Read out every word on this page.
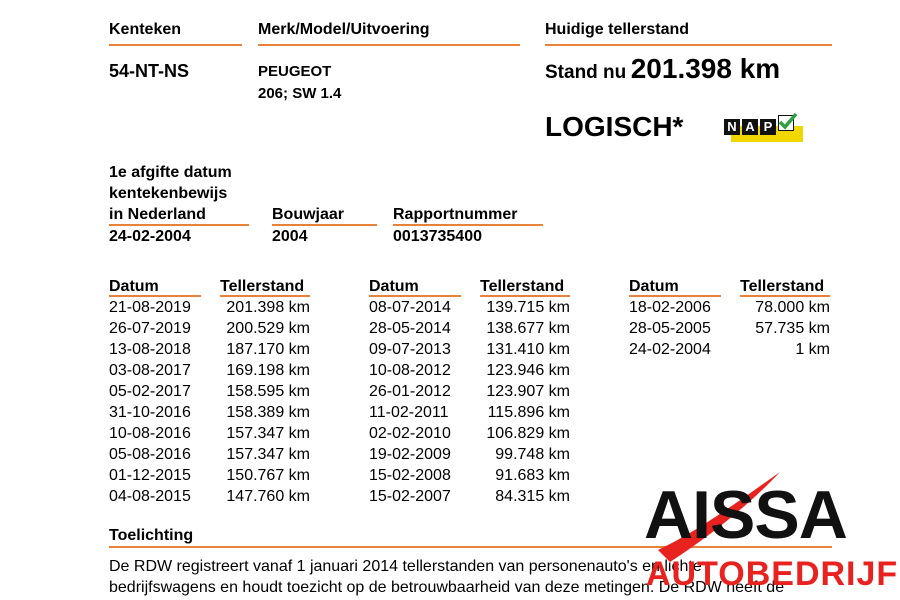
Kenteken
54-NT-NS
Merk/Model/Uitvoering
PEUGEOT
206; SW 1.4
Huidige tellerstand
Stand nu 201.398 km
LOGISCH*	N A P
1e afgifte datum
kentekenbewijs
in Nederland
24-02-2004
Bouwjaar
2004
Rapportnummer
0013735400
Datum	Tellerstand	Datum	Tellerstand	Datum	Tellerstand
21-08-2019 201.398 km
26-07-2019 200.529 km
13-08-2018 187.170 km
03-08-2017 169.198 km
05-02-2017 158.595 km
31-10-2016 158.389 km
10-08-2016 157.347 km
05-08-2016 157.347 km
01-12-2015 150.767 km
04-08-2015 147.760 km
08-07-2014 139.715 km
28-05-2014 138.677 km
09-07-2013 131.410 km
10-08-2012 123.946 km
26-01-2012 123.907 km
11-02-2011 115.896 km
02-02-2010 106.829 km
19-02-2009	99.748 km
15-02-2008	91.683 km
15-02-2007	84.315 km
18-02-2006	78.000 km
28-05-2005	57.735 km
24-02-2004	1 km
Toelichting
De RDW registreert vanaf 1 januari 2014 tellerstanden van personenauto's en lichte
bedrijfswagens en houdt toezicht op de betrouwbaarheid van deze metingen. De RDW heeft de
AISSA
AUTOBEDRIJF
